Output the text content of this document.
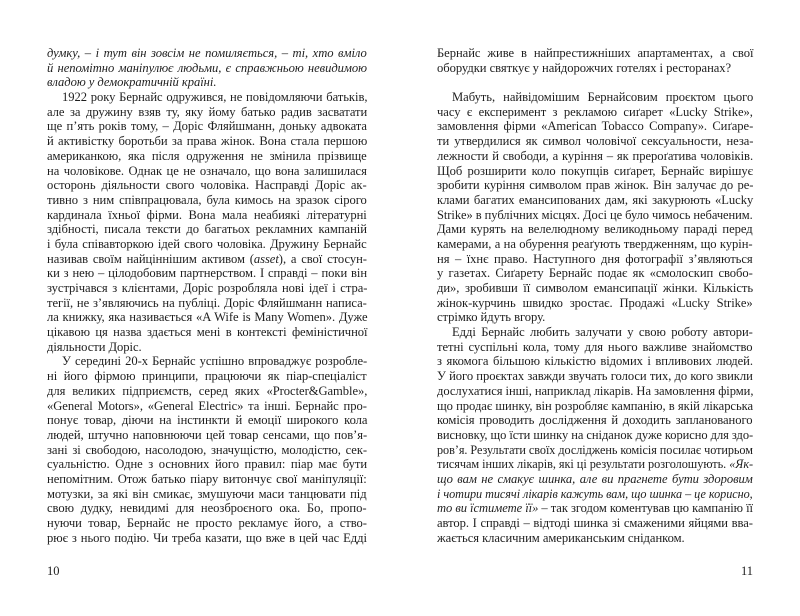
думку, – і тут він зовсім не помиляється, – ті, хто вміло
й непомітно маніпулює людьми, є справжньою невидимою
владою у демократичній країні.
1922 року Бернайс одружився, не повідомляючи батьків,
але за дружину взяв ту, яку йому батько радив засватати
ще п’ять років тому, – Доріс Фляйшманн, доньку адвоката
й активістку боротьби за права жінок. Вона стала першою
американкою, яка після одруження не змінила прізвище
на чоловікове. Однак це не означало, що вона залишилася
осторонь діяльности свого чоловіка. Насправді Доріс ак-
тивно з ним співпрацювала, була кимось на зразок сірого
кардинала їхньої фірми. Вона мала неабиякі літературні
здібності, писала тексти до багатьох рекламних кампаній
і була співавторкою ідей свого чоловіка. Дружину Бернайс
називав своїм найціннішим активом (asset), а свої стосун-
ки з нею – цілодобовим партнерством. І справді – поки він
зустрічався з клієнтами, Доріс розробляла нові ідеї і стра-
тегії, не з’являючись на публіці. Доріс Фляйшманн написа-
ла книжку, яка називається «A Wife is Many Women». Дуже
цікавою ця назва здається мені в контексті феміністичної
діяльности Доріс.
У середині 20-х Бернайс успішно впроваджує розробле-
ні його фірмою принципи, працюючи як піар-спеціаліст
для великих підприємств, серед яких «Procter&Gamble»,
«General Motors», «General Electric» та інші. Бернайс про-
понує товар, діючи на інстинкти й емоції широкого кола
людей, штучно наповнюючи цей товар сенсами, що пов’я-
зані зі свободою, насолодою, значущістю, молодістю, сек-
суальністю. Одне з основних його правил: піар має бути
непомітним. Отож батько піару витончує свої маніпуляції:
мотузки, за які він смикає, змушуючи маси танцювати під
свою дудку, невидимі для неозброєного ока. Бо, пропо-
нуючи товар, Бернайс не просто рекламує його, а ство-
рює з нього подію. Чи треба казати, що вже в цей час Едді
Бернайс живе в найпрестижніших апартаментах, а свої
оборудки святкує у найдорожчих готелях і ресторанах?
Мабуть, найвідомішим Бернайсовим проєктом цього
часу є експеримент з рекламою сиґарет «Lucky Strike»,
замовлення фірми «American Tobacco Company». Сиґаре-
ти утвердилися як символ чоловічої сексуальности, неза-
лежности й свободи, а куріння – як прероґатива чоловіків.
Щоб розширити коло покупців сиґарет, Бернайс вирішує
зробити куріння символом прав жінок. Він залучає до ре-
клами багатих емансипованих дам, які закурюють «Lucky
Strike» в публічних місцях. Досі це було чимось небаченим.
Дами курять на велелюдному великодньому параді перед
камерами, а на обурення реаґують твердженням, що курін-
ня – їхнє право. Наступного дня фотографії з’являються
у газетах. Сиґарету Бернайс подає як «смолоскип свобо-
ди», зробивши її символом емансипації жінки. Кількість
жінок-курчинь швидко зростає. Продажі «Lucky Strike»
стрімко йдуть вгору.
Едді Бернайс любить залучати у свою роботу автори-
тетні суспільні кола, тому для нього важливе знайомство
з якомога більшою кількістю відомих і впливових людей.
У його проєктах завжди звучать голоси тих, до кого звикли
дослухатися інші, наприклад лікарів. На замовлення фірми,
що продає шинку, він розробляє кампанію, в якій лікарська
комісія проводить дослідження й доходить запланованого
висновку, що їсти шинку на сніданок дуже корисно для здо-
ров’я. Результати своїх досліджень комісія посилає чотирьом
тисячам інших лікарів, які ці результати розголошують. «Як-
що вам не смакує шинка, але ви прагнете бути здоровим
і чотири тисячі лікарів кажуть вам, що шинка – це корисно,
то ви їстимете її» – так згодом коментував цю кампанію її
автор. І справді – відтоді шинка зі смаженими яйцями вва-
жається класичним американським сніданком.
10	11
